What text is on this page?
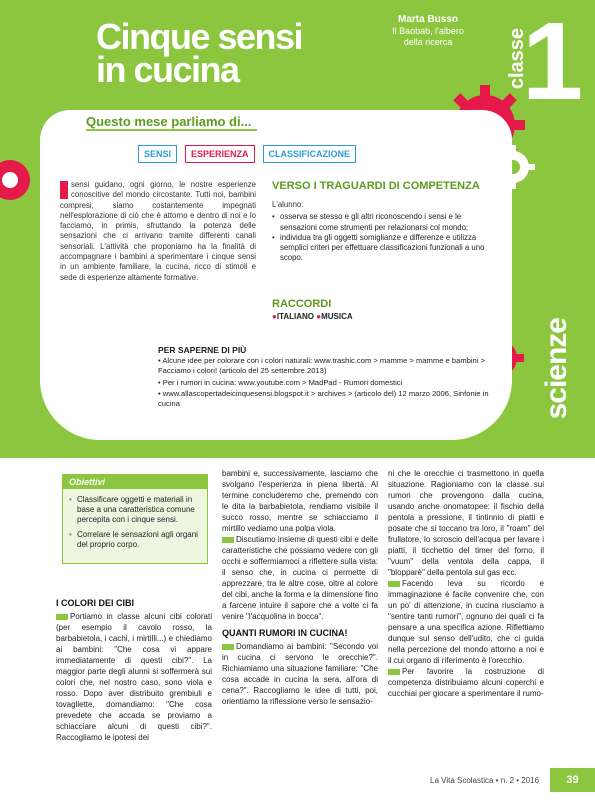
Cinque sensi
in cucina
Marta Busso
Il Baobab, l'albero
della ricerca	classe
1
scienze
Questo mese parliamo di...
SENSI	ESPERIENZA	CLASSIFICAZIONE
sensi guidano, ogni giorno, le nostre esperienze conoscitive del mondo circostante. Tutti noi, bambini compresi, siamo costantemente impegnati nell'esplorazione di ciò che è attorno e dentro di noi e lo facciamo, in primis, sfruttando la potenza delle sensazioni che ci arrivano tramite differenti canali sensoriali. L'attività che proponiamo ha la finalità di accompagnare i bambini a sperimentare i cinque sensi in un ambiente familiare, la cucina, ricco di stimoli e sede di esperienze altamente formative.
VERSO I TRAGUARDI DI COMPETENZA
L'alunno:
• osserva se stesso e gli altri riconoscendo i sensi e le sensazioni come strumenti per relazionarsi col mondo;
• individua tra gli oggetti somiglianze e differenze e utilizza semplici criteri per effettuare classificazioni funzionali a uno scopo.
RACCORDI
●ITALIANO ●MUSICA
PER SAPERNE DI PIÙ

• Alcune idee per colorare con i colori naturali: www.trashic.com > mamme > mamme e bambini > Facciamo i colori! (articolo del 25 settembre 2013)

• Per i rumori in cucina: www.youtube.com > MadPad - Rumori domestici

• www.allascopertadeicinquesensi.blogspot.it > archives > (articolo del) 12 marzo 2006, Sinfonie in cucina

Obiettivi
• Classificare oggetti e materiali in base a una caratteristica comune percepita con i cinque sensi.
• Correlare le sensazioni agli organi del proprio corpo.
I COLORI DEI CIBI

Portiamo in classe alcuni cibi colorati (per esempio il cavolo rosso, la barbabietola, i cachi, i mirtilli...) e chiediamo ai bambini: "Che cosa vi appare immediatamente di questi cibi?". La maggior parte degli alunni si soffermerà sui colori che, nel nostro caso, sono viola e rosso. Dopo aver distribuito grembiuli e tovagliette, domandiamo: "Che cosa prevedete che accada se proviamo a schiacciare alcuni di questi cibi?". Raccogliamo le ipotesi dei

bambini e, successivamente, lasciamo che svolgano l'esperienza in piena libertà. Al termine concluderemo che, premendo con le dita la barbabietola, rendiamo visibile il succo rosso, mentre se schiacciamo il mirtillo vediamo una polpa viola.

Discutiamo insieme di questi cibi e delle caratteristiche che possiamo vedere con gli occhi e soffermiamoci a riflettere sulla vista: il senso che, in cucina ci permette di apprezzare, tra le altre cose, oltre al colore del cibi, anche la forma e la dimensione fino a farcene intuire il sapore che a volte ci fa venire "l'acquolina in bocca".

QUANTI RUMORI IN CUCINA!

Domandiamo ai bambini: "Secondo voi in cucina ci servono le orecchie?". Richiamiamo una situazione familiare: "Che cosa accade in cucina la sera, all'ora di cena?". Raccogliamo le idee di tutti, poi, orientiamo la riflessione verso le sensazio-

ni che le orecchie ci trasmettono in quella situazione. Ragioniamo con la classe sui rumori che provengono dalla cucina, usando anche onomatopee: il fischio della pentola a pressione, il tintinnio di piatti e posate che si toccano tra loro, il "roam" del frullatore, lo scroscio dell'acqua per lavare i piatti, il ticchettio del timer del forno, il "vuum" della ventola della cappa, il "blopparè" della pentola sul gas ecc.

Facendo leva su ricordo e immaginazione è facile convenire che, con un po' di attenzione, in cucina riusciamo a "sentire tanti rumori", ognuno dei quali ci fa pensare a una specifica azione. Riflettiamo dunque sul senso dell'udito, che ci guida nella percezione del mondo attorno a noi e il cui organo di riferimento è l'orecchio.

Per favorire la costruzione di competenza distribuiamo alcuni coperchi e cucchiai per giocare a sperimentare il rumo-

La Vita Scolastica • n. 2 • 2016	39
